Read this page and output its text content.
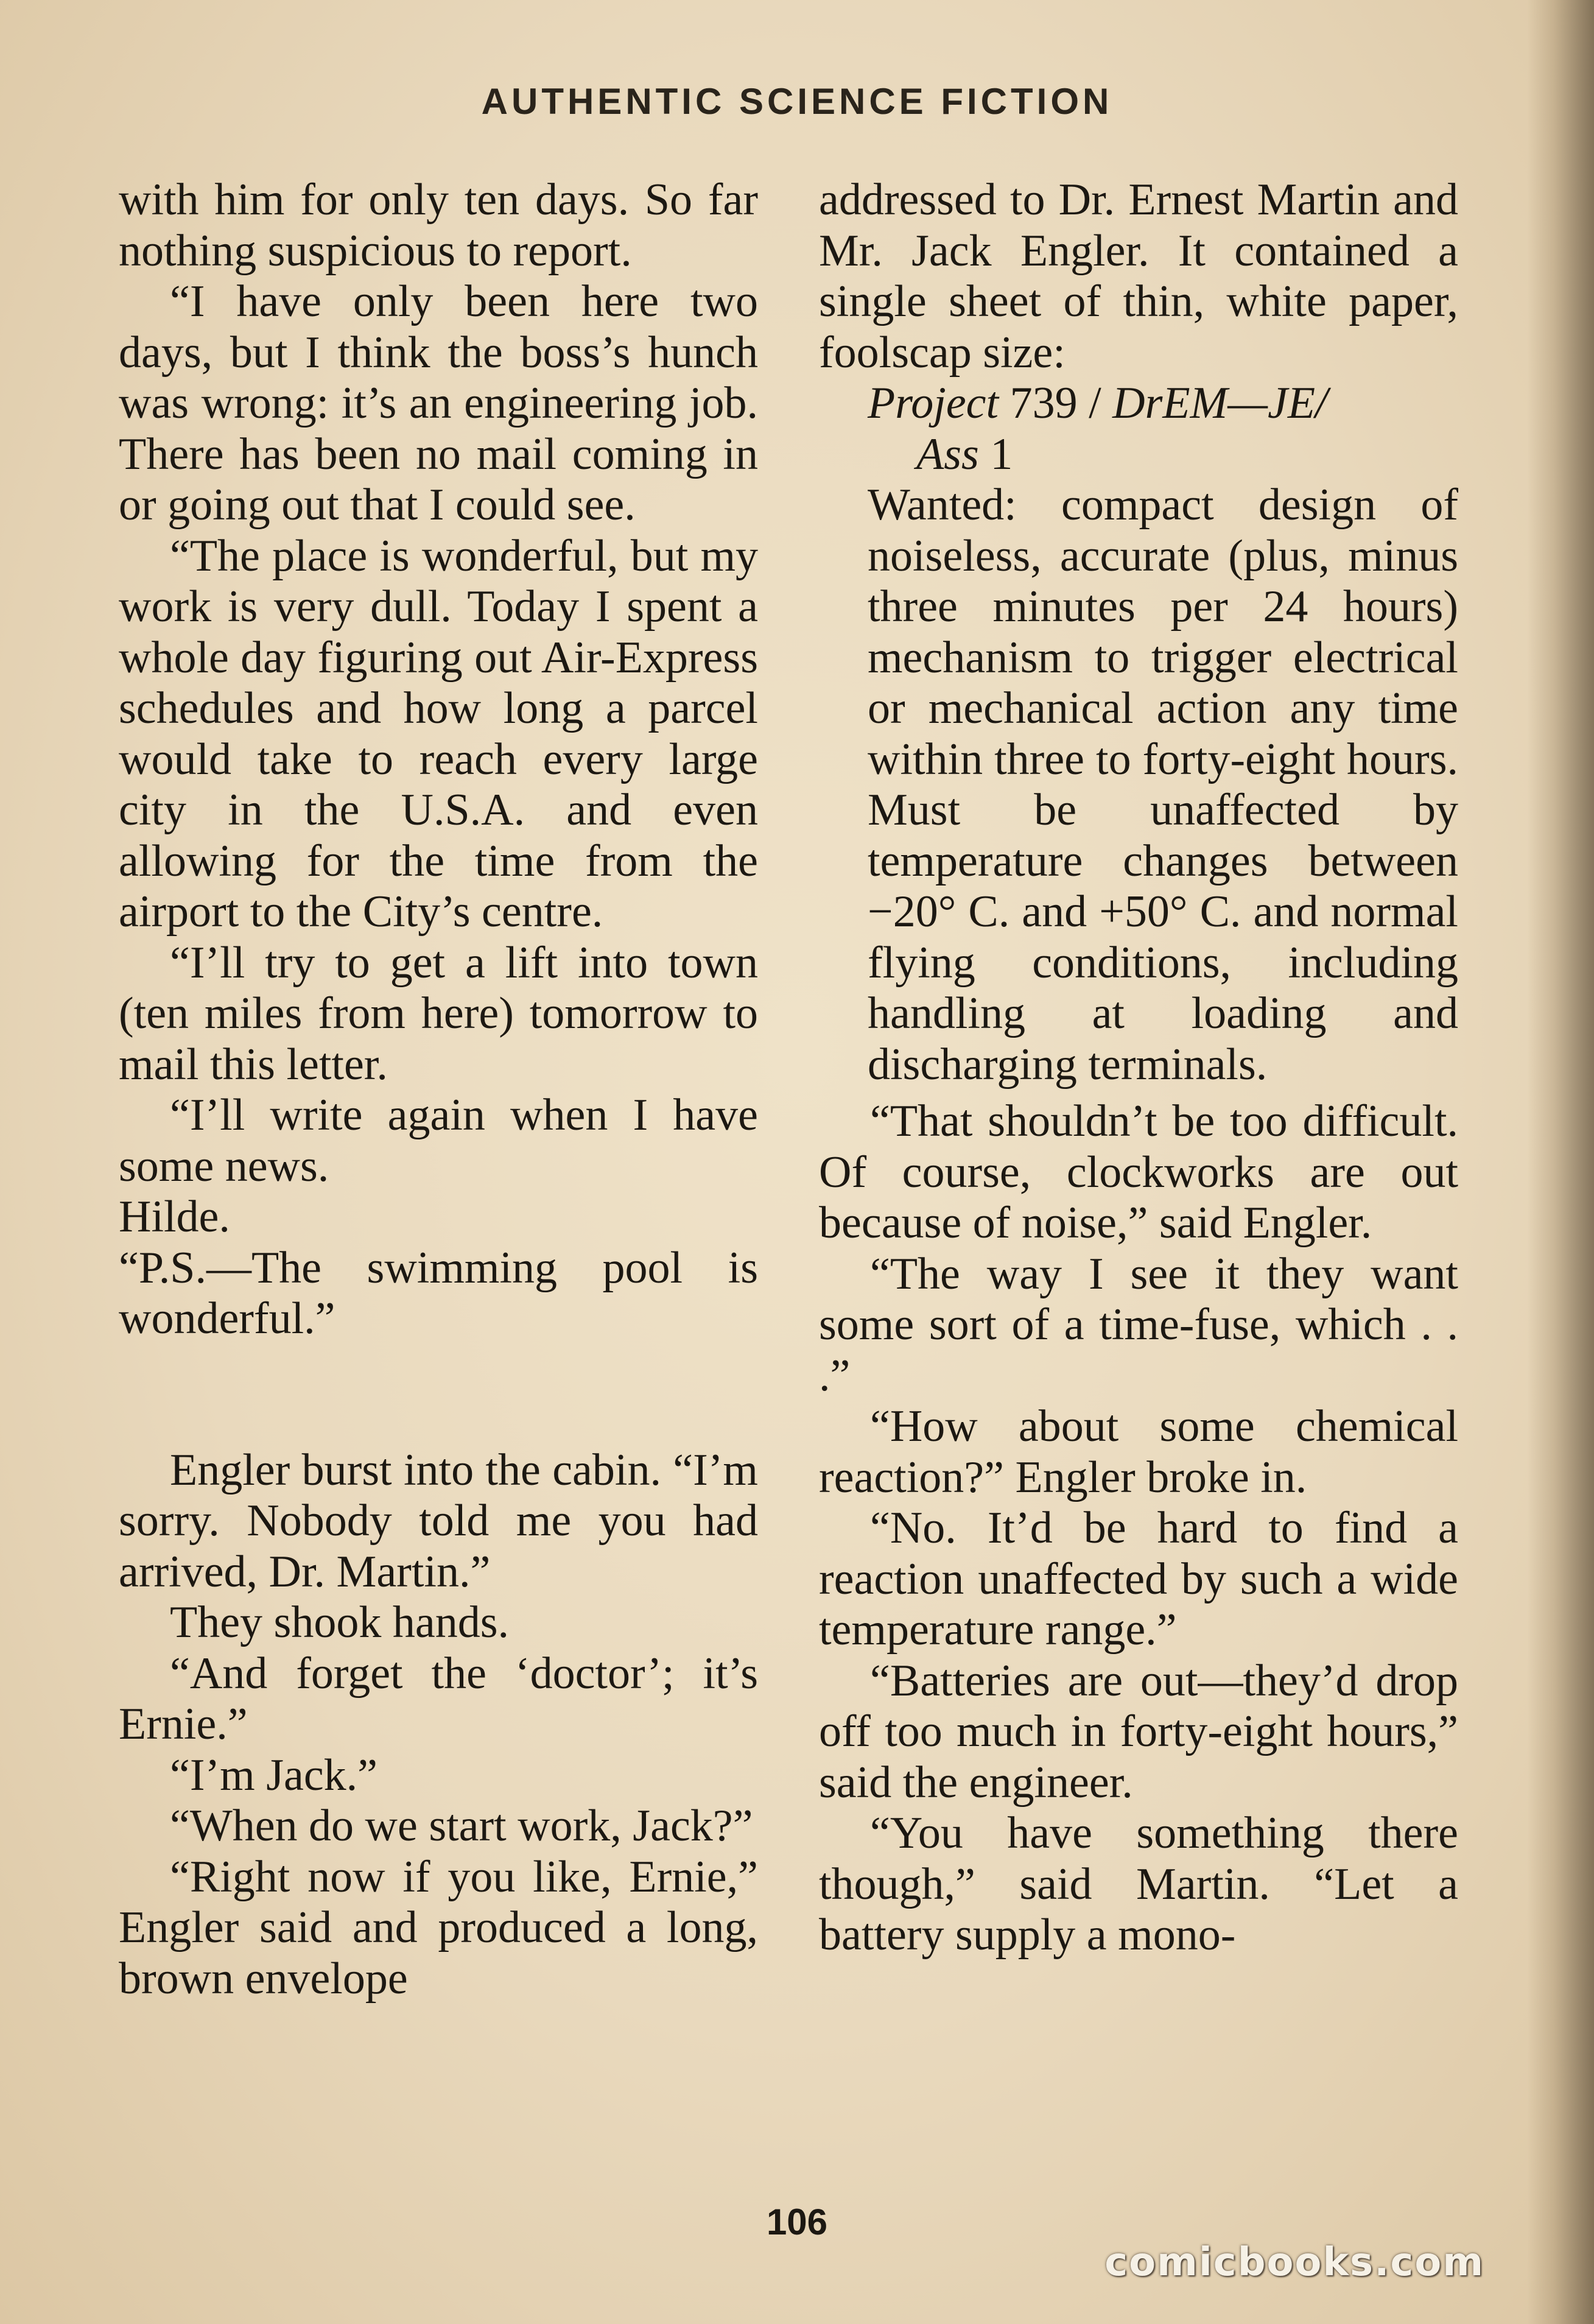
AUTHENTIC SCIENCE FICTION

with him for only ten days. So far nothing suspicious to report.

“I have only been here two days, but I think the boss’s hunch was wrong: it’s an engineering job. There has been no mail coming in or going out that I could see.

“The place is wonderful, but my work is very dull. Today I spent a whole day figuring out Air-Express schedules and how long a parcel would take to reach every large city in the U.S.A. and even allowing for the time from the airport to the City’s centre.

“I’ll try to get a lift into town (ten miles from here) tomorrow to mail this letter.

“I’ll write again when I have some news.

Hilde.

“P.S.—The swimming pool is wonderful.”

Engler burst into the cabin. “I’m sorry. Nobody told me you had arrived, Dr. Martin.”

They shook hands.

“And forget the ‘doctor’; it’s Ernie.”

“I’m Jack.”

“When do we start work, Jack?”

“Right now if you like, Ernie,” Engler said and produced a long, brown envelope

addressed to Dr. Ernest Martin and Mr. Jack Engler. It contained a single sheet of thin, white paper, foolscap size:

Project 739 / DrEM—JE/
Ass 1

Wanted: compact design of noiseless, accurate (plus, minus three minutes per 24 hours) mechanism to trigger electrical or mechanical action any time within three to forty-eight hours. Must be unaffected by temperature changes between −20° C. and +50° C. and normal flying conditions, including handling at loading and discharging terminals.

“That shouldn’t be too difficult. Of course, clockworks are out because of noise,” said Engler.

“The way I see it they want some sort of a time-fuse, which . . .”

“How about some chemical reaction?” Engler broke in.

“No. It’d be hard to find a reaction unaffected by such a wide temperature range.”

“Batteries are out—they’d drop off too much in forty-eight hours,” said the engineer.

“You have something there though,” said Martin. “Let a battery supply a mono-

106
comicbooks.com
